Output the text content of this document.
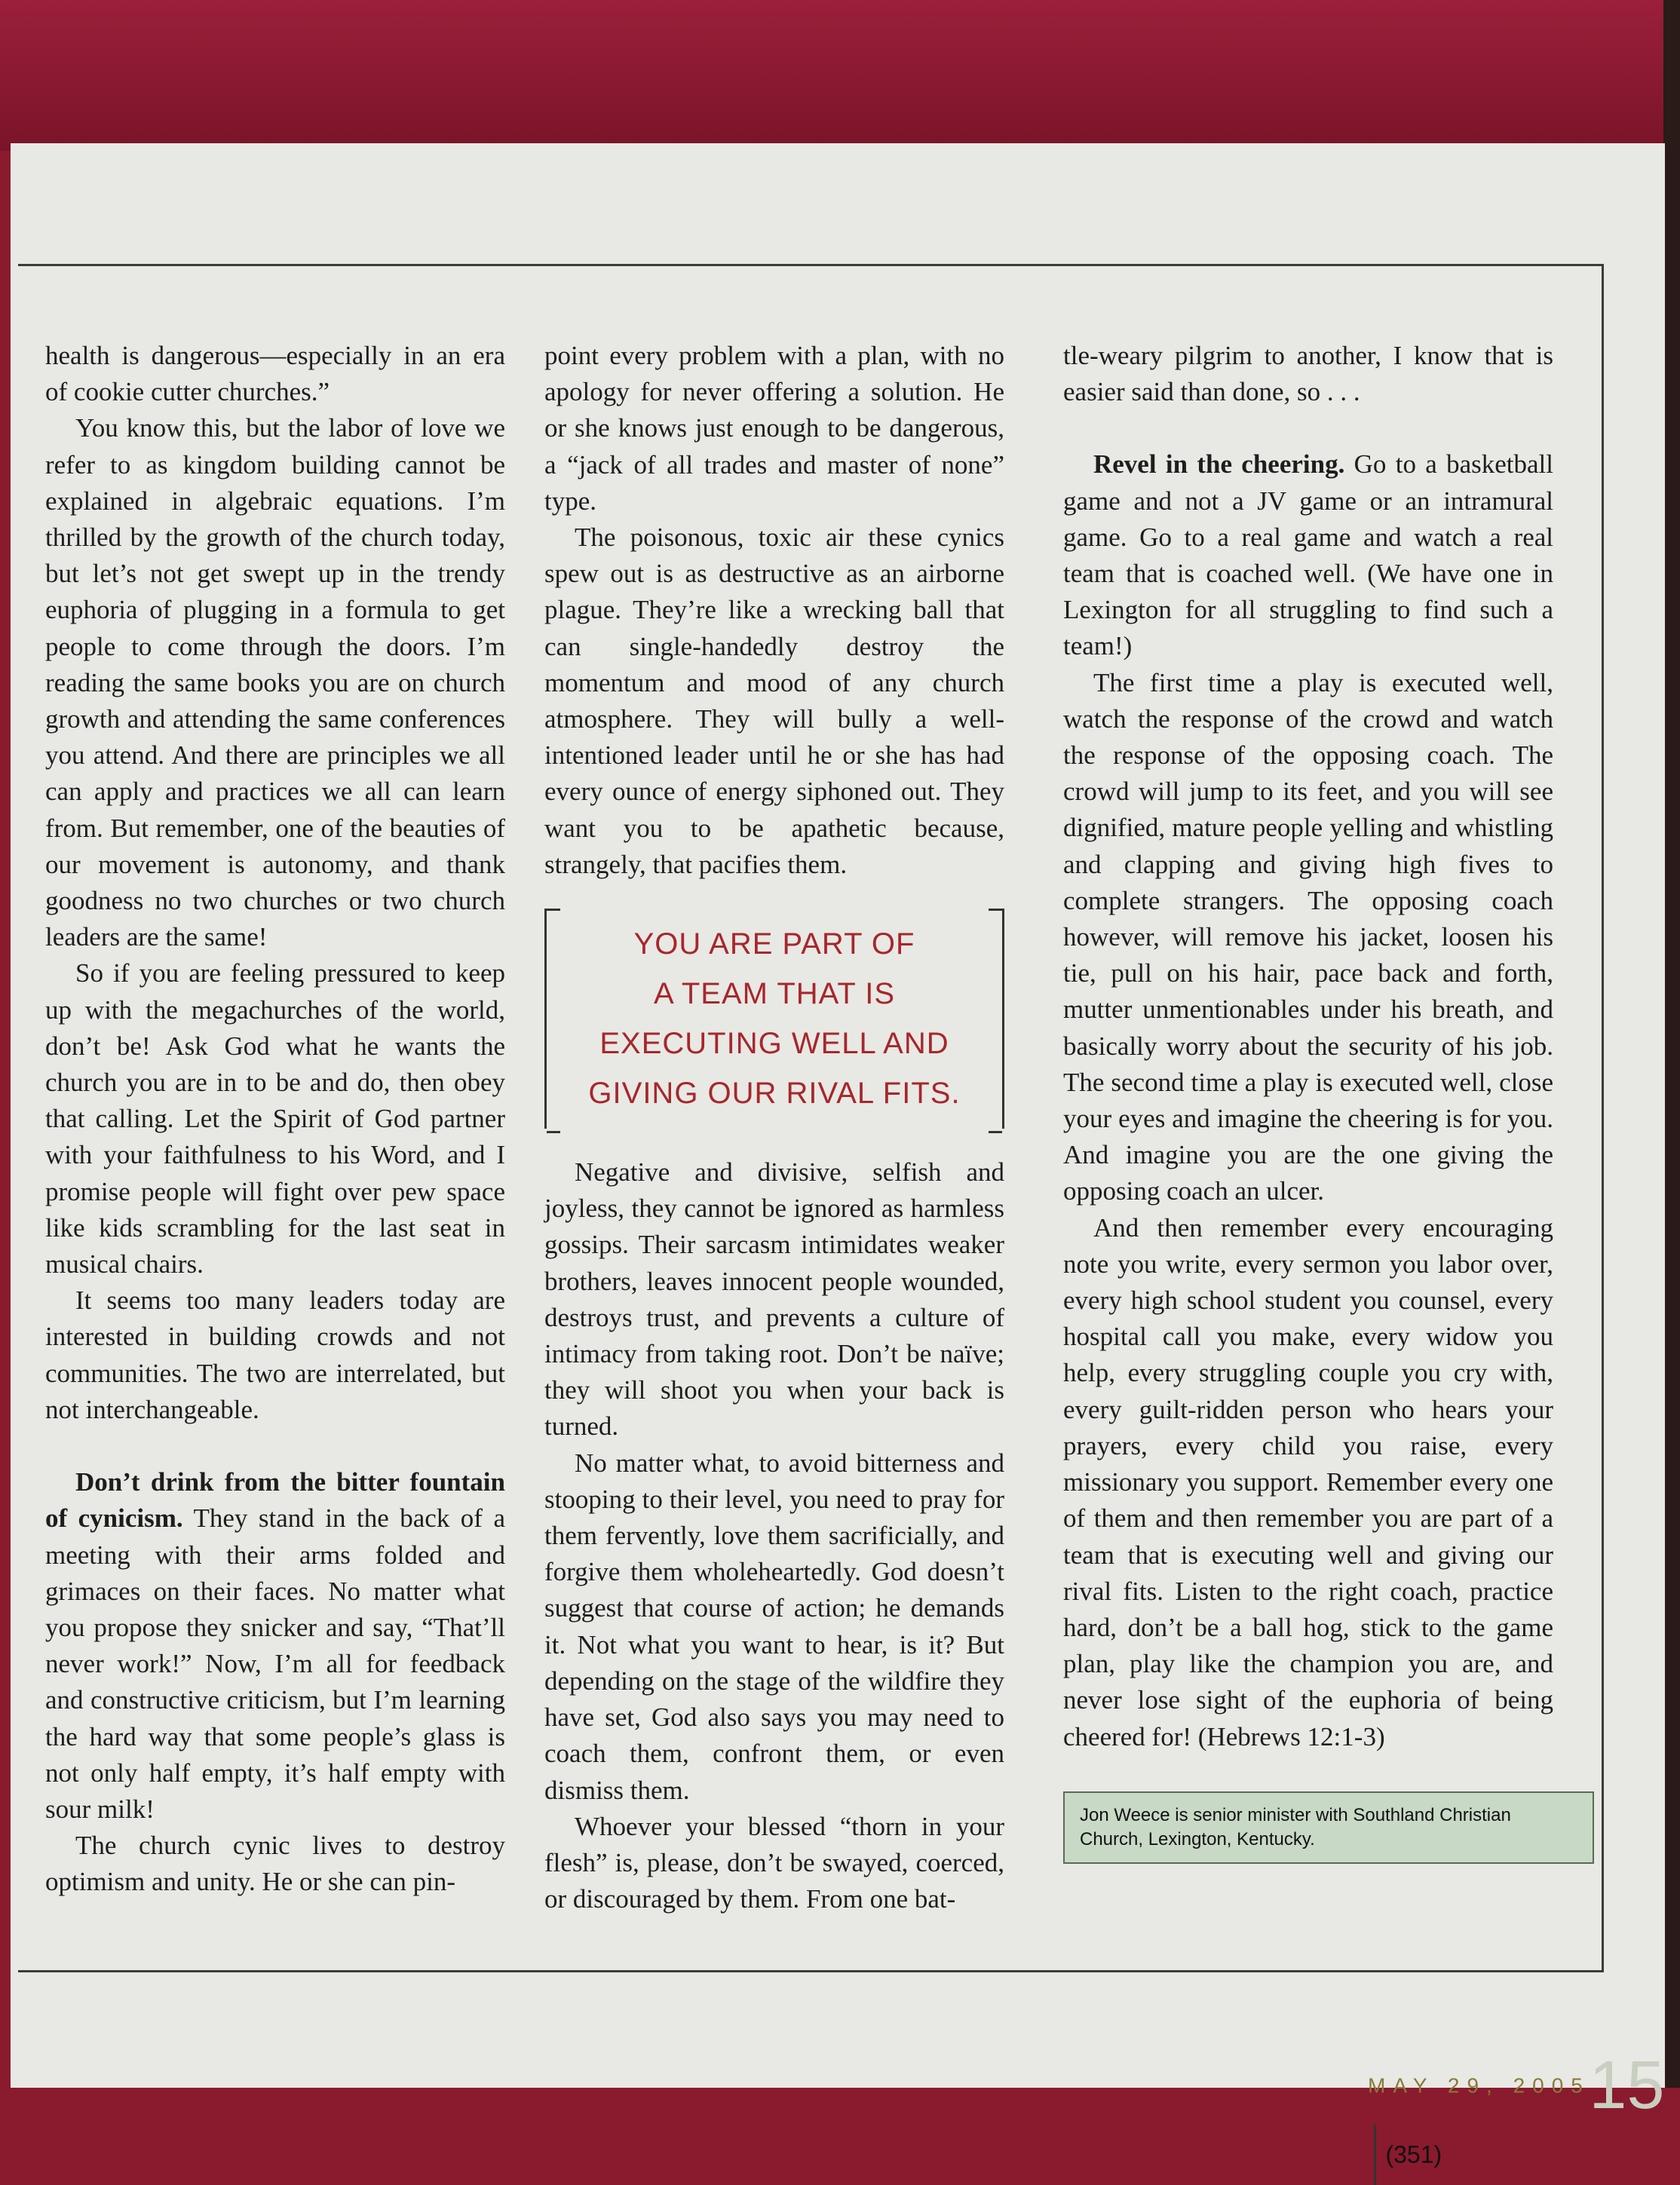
health is dangerous—especially in an era of cookie cutter churches.”

You know this, but the labor of love we refer to as kingdom building cannot be explained in algebraic equations. I’m thrilled by the growth of the church today, but let’s not get swept up in the trendy euphoria of plugging in a formula to get people to come through the doors. I’m reading the same books you are on church growth and attending the same conferences you attend. And there are principles we all can apply and practices we all can learn from. But remember, one of the beauties of our movement is autonomy, and thank goodness no two churches or two church leaders are the same!

So if you are feeling pressured to keep up with the megachurches of the world, don’t be! Ask God what he wants the church you are in to be and do, then obey that calling. Let the Spirit of God partner with your faithfulness to his Word, and I promise people will fight over pew space like kids scrambling for the last seat in musical chairs.

It seems too many leaders today are interested in building crowds and not communities. The two are interrelated, but not interchangeable.

Don’t drink from the bitter fountain of cynicism. They stand in the back of a meeting with their arms folded and grimaces on their faces. No matter what you propose they snicker and say, “That’ll never work!” Now, I’m all for feedback and constructive criticism, but I’m learning the hard way that some people’s glass is not only half empty, it’s half empty with sour milk!

The church cynic lives to destroy optimism and unity. He or she can pin-

point every problem with a plan, with no apology for never offering a solution. He or she knows just enough to be dangerous, a “jack of all trades and master of none” type.

The poisonous, toxic air these cynics spew out is as destructive as an airborne plague. They’re like a wrecking ball that can single-handedly destroy the momentum and mood of any church atmosphere. They will bully a well-intentioned leader until he or she has had every ounce of energy siphoned out. They want you to be apathetic because, strangely, that pacifies them.

YOU ARE PART OF
A TEAM THAT IS
EXECUTING WELL AND
GIVING OUR RIVAL FITS.

Negative and divisive, selfish and joyless, they cannot be ignored as harmless gossips. Their sarcasm intimidates weaker brothers, leaves innocent people wounded, destroys trust, and prevents a culture of intimacy from taking root. Don’t be naïve; they will shoot you when your back is turned.

No matter what, to avoid bitterness and stooping to their level, you need to pray for them fervently, love them sacrificially, and forgive them wholeheartedly. God doesn’t suggest that course of action; he demands it. Not what you want to hear, is it? But depending on the stage of the wildfire they have set, God also says you may need to coach them, confront them, or even dismiss them.

Whoever your blessed “thorn in your flesh” is, please, don’t be swayed, coerced, or discouraged by them. From one bat-

tle-weary pilgrim to another, I know that is easier said than done, so . . .

Revel in the cheering. Go to a basketball game and not a JV game or an intramural game. Go to a real game and watch a real team that is coached well. (We have one in Lexington for all struggling to find such a team!)

The first time a play is executed well, watch the response of the crowd and watch the response of the opposing coach. The crowd will jump to its feet, and you will see dignified, mature people yelling and whistling and clapping and giving high fives to complete strangers. The opposing coach however, will remove his jacket, loosen his tie, pull on his hair, pace back and forth, mutter unmentionables under his breath, and basically worry about the security of his job. The second time a play is executed well, close your eyes and imagine the cheering is for you. And imagine you are the one giving the opposing coach an ulcer.

And then remember every encouraging note you write, every sermon you labor over, every high school student you counsel, every hospital call you make, every widow you help, every struggling couple you cry with, every guilt-ridden person who hears your prayers, every child you raise, every missionary you support. Remember every one of them and then remember you are part of a team that is executing well and giving our rival fits. Listen to the right coach, practice hard, don’t be a ball hog, stick to the game plan, play like the champion you are, and never lose sight of the euphoria of being cheered for! (Hebrews 12:1-3)

Jon Weece is senior minister with Southland Christian Church, Lexington, Kentucky.
MAY 29, 2005 15  (351)
